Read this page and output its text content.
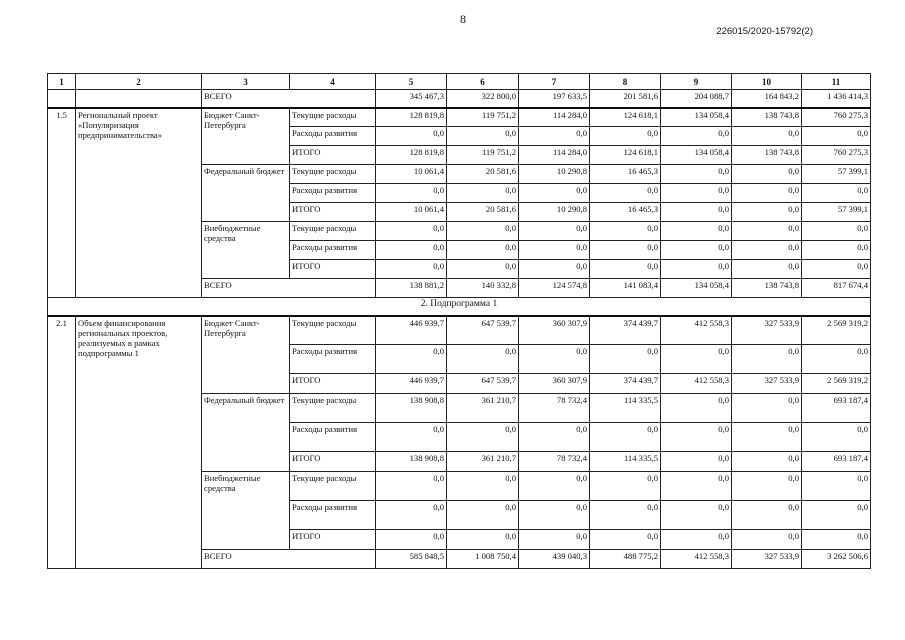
8
226015/2020-15792(2)
1	2	3	4	5	6	7	8	9	10	11
		ВСЕГО		345 467,3	322 800,0	197 633,5	201 581,6	204 088,7	164 843,2	1 436 414,3
1.5	Региональный проект «Популяризация предпринимательства»	Бюджет Санкт-Петербурга	Текущие расходы	128 819,8	119 751,2	114 284,0	124 618,1	134 058,4	138 743,8	760 275,3
			Расходы развития	0,0	0,0	0,0	0,0	0,0	0,0	0,0
			ИТОГО	128 819,8	119 751,2	114 284,0	124 618,1	134 058,4	138 743,8	760 275,3
		Федеральный бюджет	Текущие расходы	10 061,4	20 581,6	10 290,8	16 465,3	0,0	0,0	57 399,1
			Расходы развития	0,0	0,0	0,0	0,0	0,0	0,0	0,0
			ИТОГО	10 061,4	20 581,6	10 290,8	16 465,3	0,0	0,0	57 399,1
		Внебюджетные средства	Текущие расходы	0,0	0,0	0,0	0,0	0,0	0,0	0,0
			Расходы развития	0,0	0,0	0,0	0,0	0,0	0,0	0,0
			ИТОГО	0,0	0,0	0,0	0,0	0,0	0,0	0,0
		ВСЕГО		138 881,2	140 332,8	124 574,8	141 083,4	134 058,4	138 743,8	817 674,4
2. Подпрограмма 1										
2.1	Объем финансирования региональных проектов, реализуемых в рамках подпрограммы 1	Бюджет Санкт-Петербурга	Текущие расходы	446 939,7	647 539,7	360 307,9	374 439,7	412 558,3	327 533,9	2 569 319,2
			Расходы развития	0,0	0,0	0,0	0,0	0,0	0,0	0,0
			ИТОГО	446 939,7	647 539,7	360 307,9	374 439,7	412 558,3	327 533,9	2 569 319,2
		Федеральный бюджет	Текущие расходы	138 908,8	361 210,7	78 732,4	114 335,5	0,0	0,0	693 187,4
			Расходы развития	0,0	0,0	0,0	0,0	0,0	0,0	0,0
			ИТОГО	138 908,8	361 210,7	78 732,4	114 335,5	0,0	0,0	693 187,4
		Внебюджетные средства	Текущие расходы	0,0	0,0	0,0	0,0	0,0	0,0	0,0
			Расходы развития	0,0	0,0	0,0	0,0	0,0	0,0	0,0
			ИТОГО	0,0	0,0	0,0	0,0	0,0	0,0	0,0
		ВСЕГО		585 848,5	1 008 750,4	439 040,3	488 775,2	412 558,3	327 533,9	3 262 506,6
